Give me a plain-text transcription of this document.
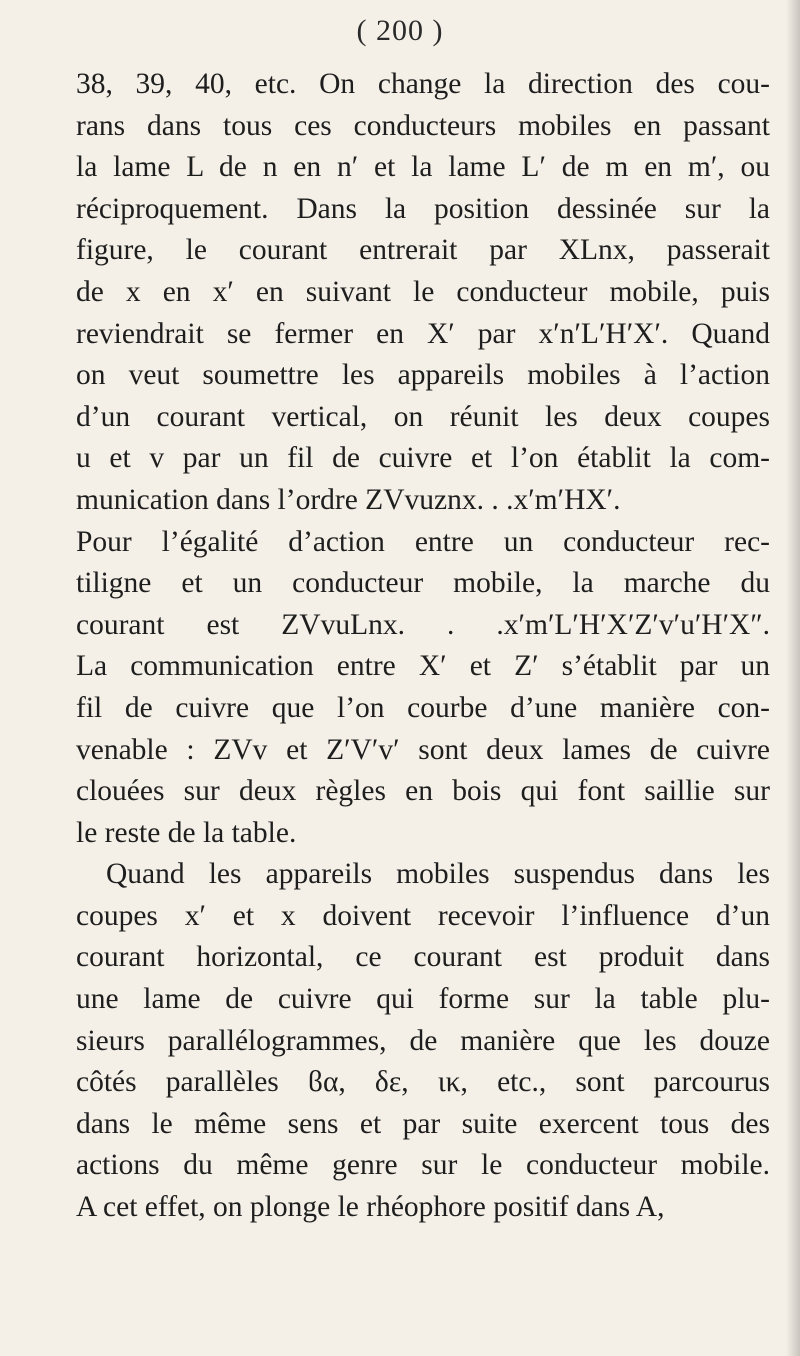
( 200 )
38, 39, 40, etc. On change la direction des cou-
rans dans tous ces conducteurs mobiles en passant
la lame L de n en n′ et la lame L′ de m en m′, ou
réciproquement. Dans la position dessinée sur la
figure, le courant entrerait par XLnx, passerait
de x en x′ en suivant le conducteur mobile, puis
reviendrait se fermer en X′ par x′n′L′H′X′. Quand
on veut soumettre les appareils mobiles à l’action
d’un courant vertical, on réunit les deux coupes
u et v par un fil de cuivre et l’on établit la com-
munication dans l’ordre ZVvuznx. . .x′m′HX′.
Pour l’égalité d’action entre un conducteur rec-
tiligne et un conducteur mobile, la marche du
courant est ZVvuLnx. . .x′m′L′H′X′Z′v′u′H′X″.
La communication entre X′ et Z′ s’établit par un
fil de cuivre que l’on courbe d’une manière con-
venable : ZVv et Z′V′v′ sont deux lames de cuivre
clouées sur deux règles en bois qui font saillie sur
le reste de la table.
Quand les appareils mobiles suspendus dans les
coupes x′ et x doivent recevoir l’influence d’un
courant horizontal, ce courant est produit dans
une lame de cuivre qui forme sur la table plu-
sieurs parallélogrammes, de manière que les douze
côtés parallèles ϐα, δε, ικ, etc., sont parcourus
dans le même sens et par suite exercent tous des
actions du même genre sur le conducteur mobile.
A cet effet, on plonge le rhéophore positif dans A,
